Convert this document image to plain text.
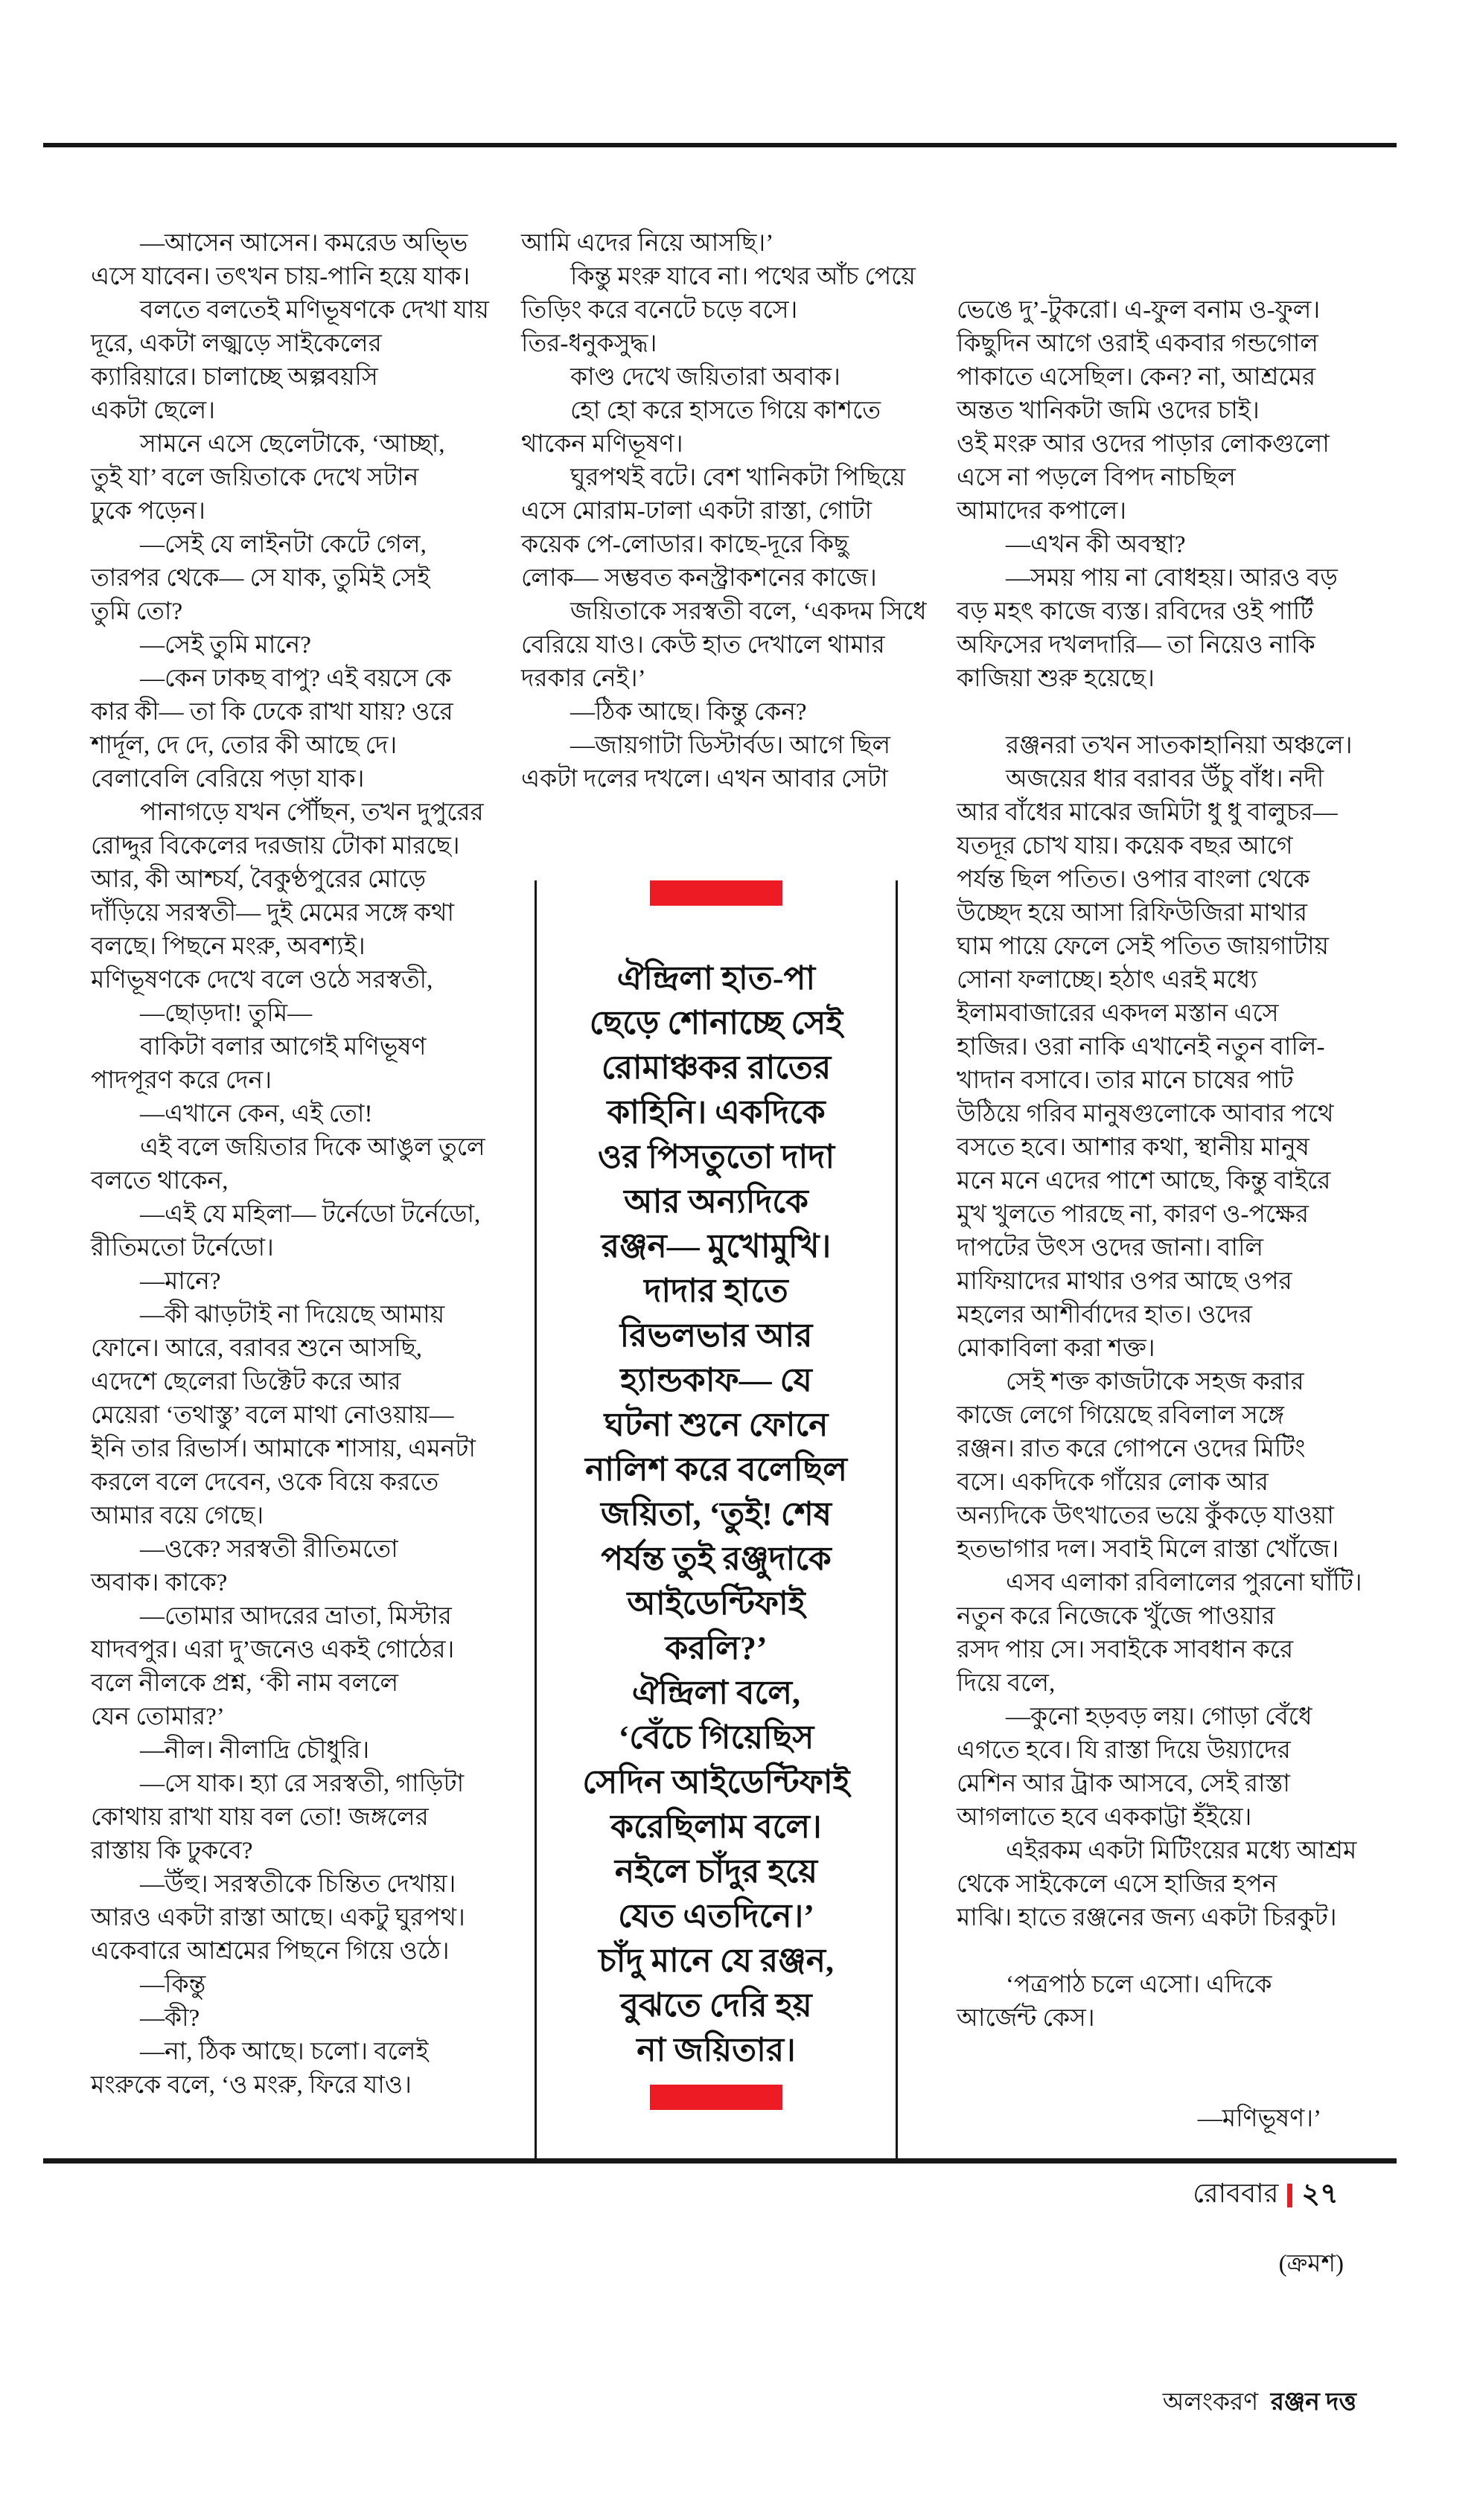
  —আসেন আসেন। কমরেড অভ্ভি
এসে যাবেন। তৎখন চায়-পানি হয়ে যাক।
  বলতে বলতেই মণিভূষণকে দেখা যায়
দূরে, একটা লজ্ঝড়ে সাইকেলের
ক্যারিয়ারে। চালাচ্ছে অল্পবয়সি
একটা ছেলে।
  সামনে এসে ছেলেটাকে, ‘আচ্ছা,
তুই যা’ বলে জয়িতাকে দেখে সটান
ঢুকে পড়েন।
  —সেই যে লাইনটা কেটে গেল,
তারপর থেকে— সে যাক, তুমিই সেই
তুমি তো?
  —সেই তুমি মানে?
  —কেন ঢাকছ বাপু? এই বয়সে কে
কার কী— তা কি ঢেকে রাখা যায়? ওরে
শার্দূল, দে দে, তোর কী আছে দে।
বেলাবেলি বেরিয়ে পড়া যাক।
  পানাগড়ে যখন পৌঁছন, তখন দুপুরের
রোদ্দুর বিকেলের দরজায় টোকা মারছে।
আর, কী আশ্চর্য, বৈকুণ্ঠপুরের মোড়ে
দাঁড়িয়ে সরস্বতী— দুই মেমের সঙ্গে কথা
বলছে। পিছনে মংরু, অবশ্যই।
মণিভূষণকে দেখে বলে ওঠে সরস্বতী,
  —ছোড়দা! তুমি—
  বাকিটা বলার আগেই মণিভূষণ
পাদপূরণ করে দেন।
  —এখানে কেন, এই তো!
  এই বলে জয়িতার দিকে আঙুল তুলে
বলতে থাকেন,
  —এই যে মহিলা— টর্নেডো টর্নেডো,
রীতিমতো টর্নেডো।
  —মানে?
  —কী ঝাড়টাই না দিয়েছে আমায়
ফোনে। আরে, বরাবর শুনে আসছি,
এদেশে ছেলেরা ডিক্টেট করে আর
মেয়েরা ‘তথাস্তু’ বলে মাথা নোওয়ায়—
ইনি তার রিভার্স। আমাকে শাসায়, এমনটা
করলে বলে দেবেন, ওকে বিয়ে করতে
আমার বয়ে গেছে।
  —ওকে? সরস্বতী রীতিমতো
অবাক। কাকে?
  —তোমার আদরের ভ্রাতা, মিস্টার
যাদবপুর। এরা দু’জনেও একই গোঠের।
বলে নীলকে প্রশ্ন, ‘কী নাম বললে
যেন তোমার?’
  —নীল। নীলাদ্রি চৌধুরি।
  —সে যাক। হ্যা রে সরস্বতী, গাড়িটা
কোথায় রাখা যায় বল তো! জঙ্গলের
রাস্তায় কি ঢুকবে?
  —উঁহু। সরস্বতীকে চিন্তিত দেখায়।
আরও একটা রাস্তা আছে। একটু ঘুরপথ।
একেবারে আশ্রমের পিছনে গিয়ে ওঠে।
  —কিন্তু
  —কী?
  —না, ঠিক আছে। চলো। বলেই
মংরুকে বলে, ‘ও মংরু, ফিরে যাও।
আমি এদের নিয়ে আসছি।’
  কিন্তু মংরু যাবে না। পথের আঁচ পেয়ে
তিড়িং করে বনেটে চড়ে বসে।
তির-ধনুকসুদ্ধ।
  কাণ্ড দেখে জয়িতারা অবাক।
  হো হো করে হাসতে গিয়ে কাশতে
থাকেন মণিভূষণ।
  ঘুরপথই বটে। বেশ খানিকটা পিছিয়ে
এসে মোরাম-ঢালা একটা রাস্তা, গোটা
কয়েক পে-লোডার। কাছে-দূরে কিছু
লোক— সম্ভবত কনস্ট্রাকশনের কাজে।
  জয়িতাকে সরস্বতী বলে, ‘একদম সিধে
বেরিয়ে যাও। কেউ হাত দেখালে থামার
দরকার নেই।’
  —ঠিক আছে। কিন্তু কেন?
  —জায়গাটা ডিস্টার্বড। আগে ছিল
একটা দলের দখলে। এখন আবার সেটা

ভেঙে দু’-টুকরো। এ-ফুল বনাম ও-ফুল।
কিছুদিন আগে ওরাই একবার গন্ডগোল
পাকাতে এসেছিল। কেন? না, আশ্রমের
অন্তত খানিকটা জমি ওদের চাই।
ওই মংরু আর ওদের পাড়ার লোকগুলো
এসে না পড়লে বিপদ নাচছিল
আমাদের কপালে।
  —এখন কী অবস্থা?
  —সময় পায় না বোধহয়। আরও বড়
বড় মহৎ কাজে ব্যস্ত। রবিদের ওই পার্টি
অফিসের দখলদারি— তা নিয়েও নাকি
কাজিয়া শুরু হয়েছে।

  রঞ্জনরা তখন সাতকাহানিয়া অঞ্চলে।
  অজয়ের ধার বরাবর উঁচু বাঁধ। নদী
আর বাঁধের মাঝের জমিটা ধু ধু বালুচর—
যতদূর চোখ যায়। কয়েক বছর আগে
পর্যন্ত ছিল পতিত। ওপার বাংলা থেকে
উচ্ছেদ হয়ে আসা রিফিউজিরা মাথার
ঘাম পায়ে ফেলে সেই পতিত জায়গাটায়
সোনা ফলাচ্ছে। হঠাৎ এরই মধ্যে
ইলামবাজারের একদল মস্তান এসে
হাজির। ওরা নাকি এখানেই নতুন বালি-
খাদান বসাবে। তার মানে চাষের পাট
উঠিয়ে গরিব মানুষগুলোকে আবার পথে
বসতে হবে। আশার কথা, স্থানীয় মানুষ
মনে মনে এদের পাশে আছে, কিন্তু বাইরে
মুখ খুলতে পারছে না, কারণ ও-পক্ষের
দাপটের উৎস ওদের জানা। বালি
মাফিয়াদের মাথার ওপর আছে ওপর
মহলের আশীর্বাদের হাত। ওদের
মোকাবিলা করা শক্ত।
  সেই শক্ত কাজটাকে সহজ করার
কাজে লেগে গিয়েছে রবিলাল সঙ্গে
রঞ্জন। রাত করে গোপনে ওদের মিটিং
বসে। একদিকে গাঁয়ের লোক আর
অন্যদিকে উৎখাতের ভয়ে কুঁকড়ে যাওয়া
হতভাগার দল। সবাই মিলে রাস্তা খোঁজে।
  এসব এলাকা রবিলালের পুরনো ঘাঁটি।
নতুন করে নিজেকে খুঁজে পাওয়ার
রসদ পায় সে। সবাইকে সাবধান করে
দিয়ে বলে,
  —কুনো হড়বড় লয়। গোড়া বেঁধে
এগতে হবে। যি রাস্তা দিয়ে উয়্যাদের
মেশিন আর ট্রাক আসবে, সেই রাস্তা
আগলাতে হবে এককাট্টা হঁইয়ে।
  এইরকম একটা মিটিংয়ের মধ্যে আশ্রম
থেকে সাইকেলে এসে হাজির হপন
মাঝি। হাতে রঞ্জনের জন্য একটা চিরকুট।

  ‘পত্রপাঠ চলে এসো। এদিকে
আর্জেন্ট কেস।

—মণিভূষণ।’

(ক্রমশ)

অলংকরণ  রঞ্জন দত্ত

ঐন্দ্রিলা হাত-পা
ছেড়ে শোনাচ্ছে সেই
রোমাঞ্চকর রাতের
কাহিনি। একদিকে
ওর পিসতুতো দাদা
আর অন্যদিকে
রঞ্জন— মুখোমুখি।
দাদার হাতে
রিভলভার আর
হ্যান্ডকাফ— যে
ঘটনা শুনে ফোনে
নালিশ করে বলেছিল
জয়িতা, ‘তুই! শেষ
পর্যন্ত তুই রঞ্জুদাকে
আইডেন্টিফাই
করলি?’
ঐন্দ্রিলা বলে,
‘বেঁচে গিয়েছিস
সেদিন আইডেন্টিফাই
করেছিলাম বলে।
নইলে চাঁদুর হয়ে
যেত এতদিনে।’
চাঁদু মানে যে রঞ্জন,
বুঝতে দেরি হয়
না জয়িতার।
রোববার ২৭
